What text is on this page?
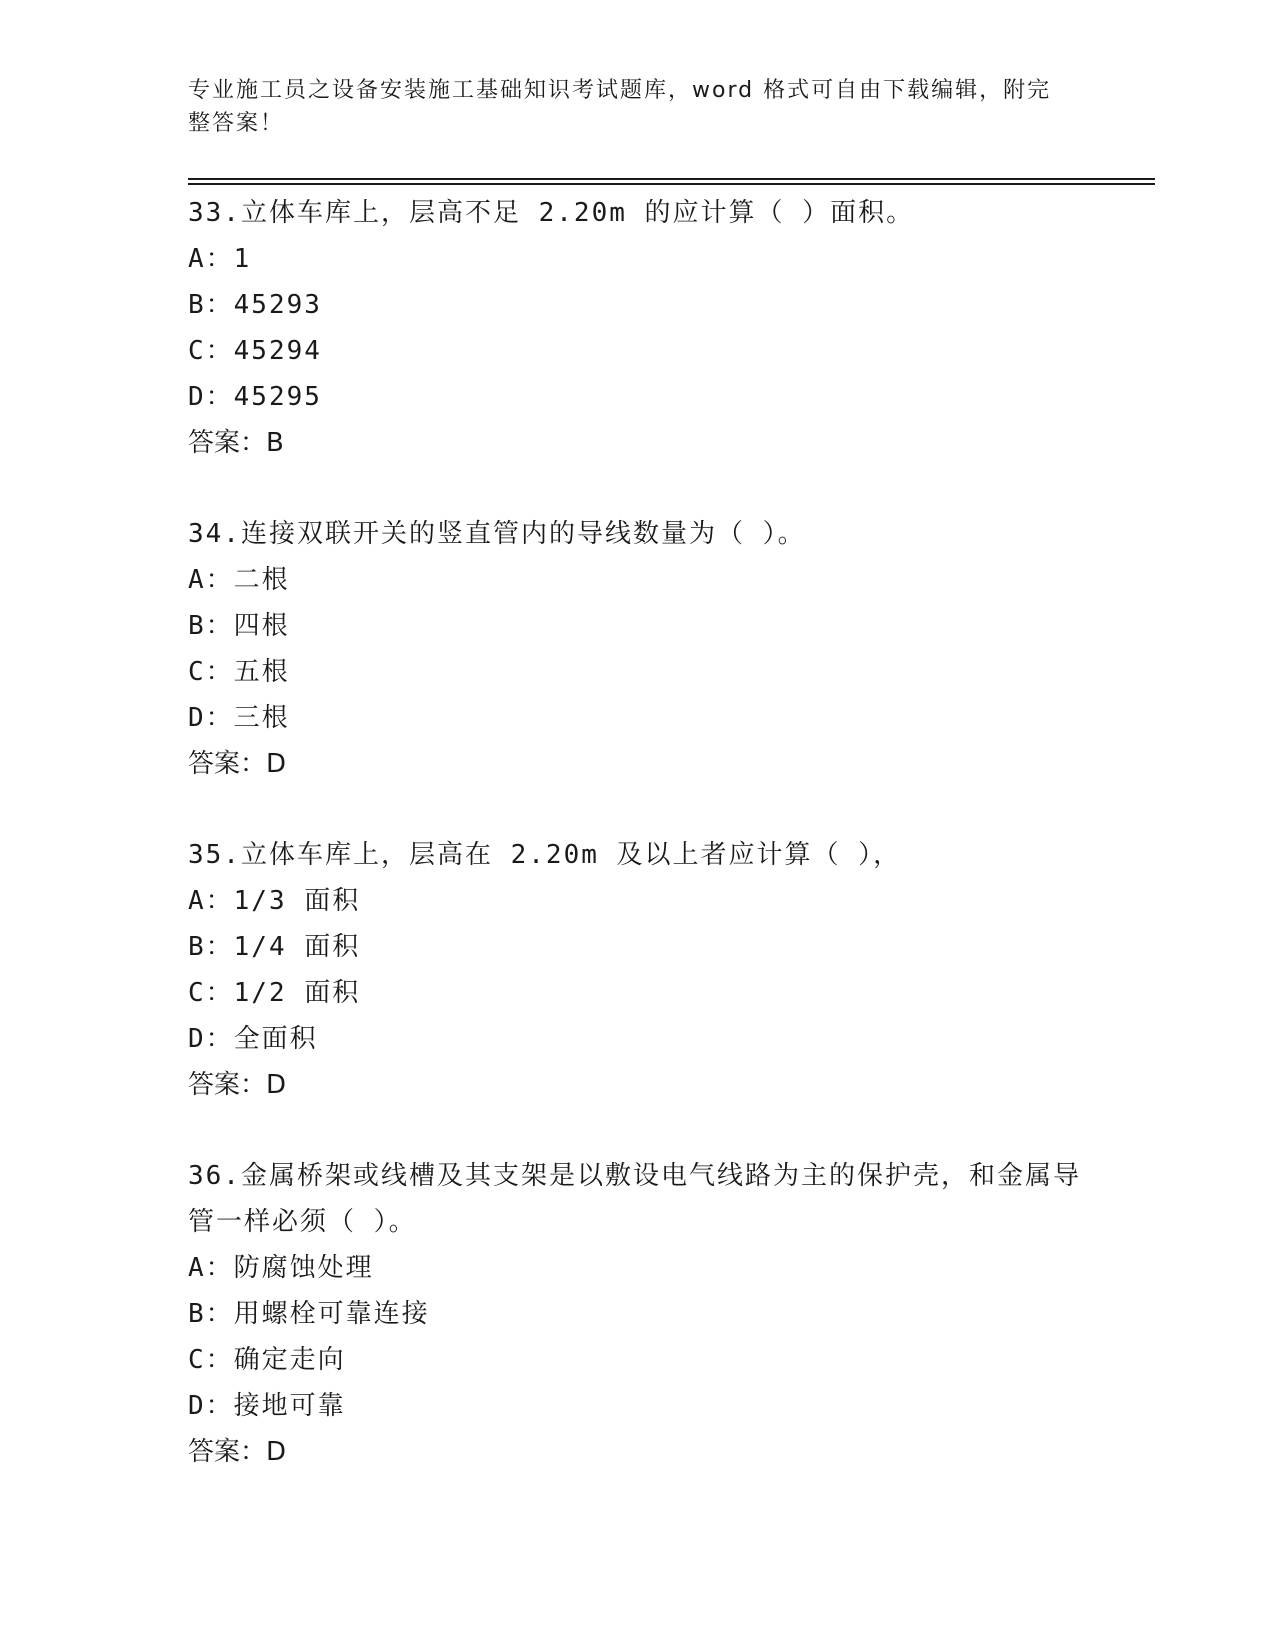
专业施工员之设备安装施工基础知识考试题库，word 格式可自由下载编辑，附完整答案！

33.立体车库上，层高不足 2.20m 的应计算（ ）面积。

A：1

B：45293

C：45294

D：45295

答案：B

34.连接双联开关的竖直管内的导线数量为（ ）。

A：二根

B：四根

C：五根

D：三根

答案：D

35.立体车库上，层高在 2.20m 及以上者应计算（ ），

A：1/3 面积

B：1/4 面积

C：1/2 面积

D：全面积

答案：D

36.金属桥架或线槽及其支架是以敷设电气线路为主的保护壳，和金属导管一样必须（ ）。

A：防腐蚀处理

B：用螺栓可靠连接

C：确定走向

D：接地可靠

答案：D
